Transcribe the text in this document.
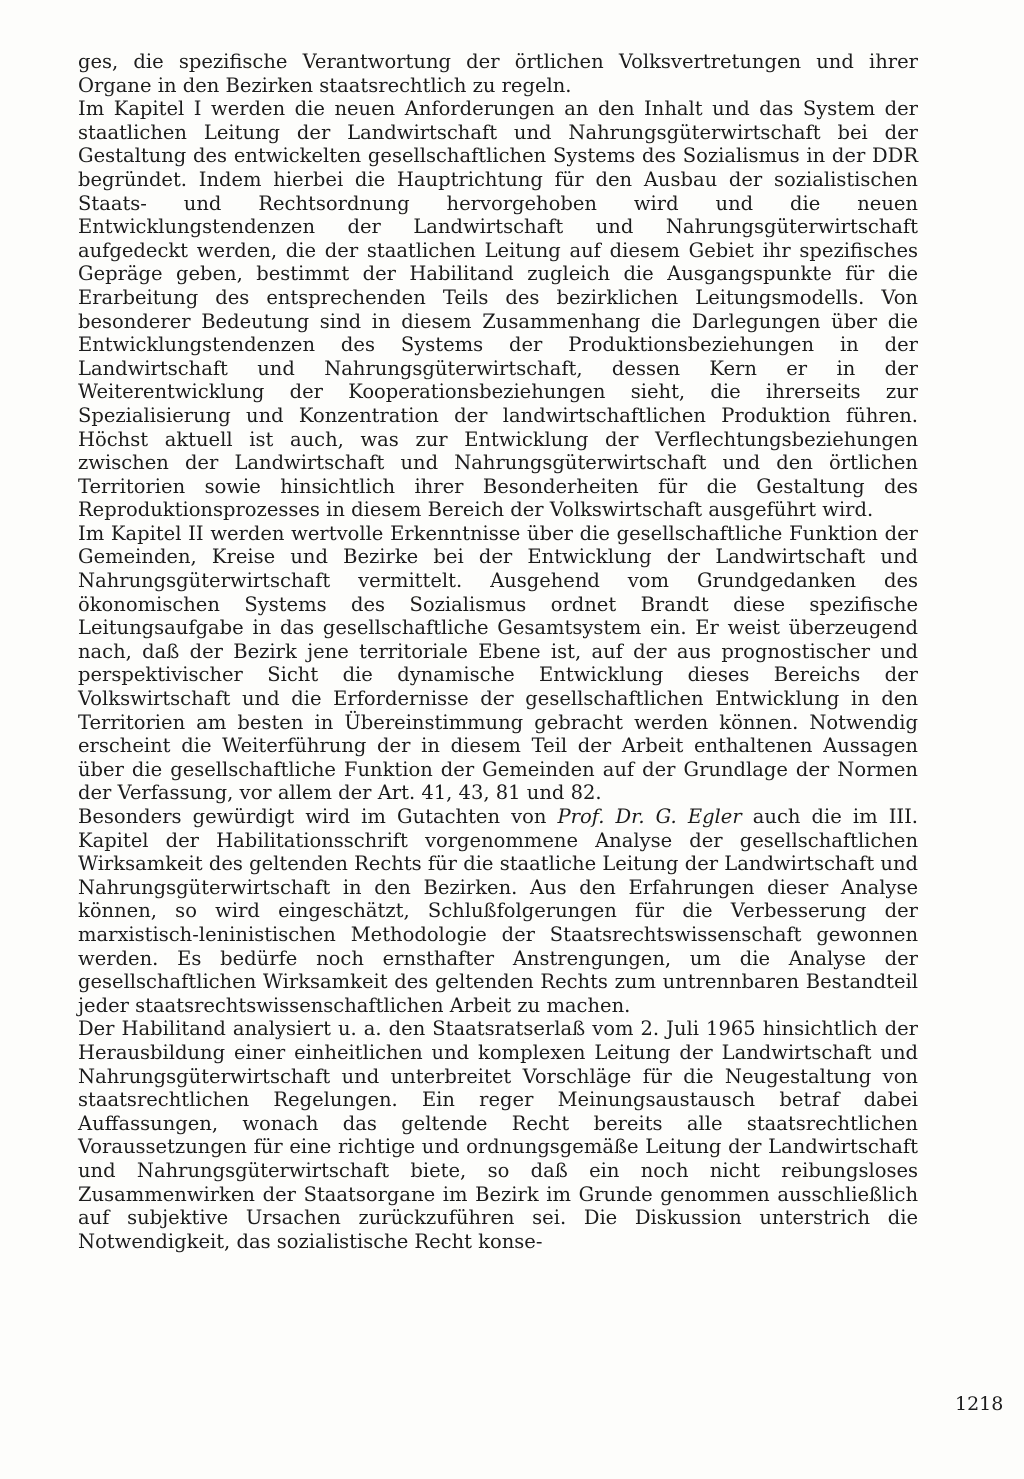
ges, die spezifische Verantwortung der örtlichen Volksvertretungen und ihrer Organe in den Bezirken staatsrechtlich zu regeln.

Im Kapitel I werden die neuen Anforderungen an den Inhalt und das System der staatlichen Leitung der Landwirtschaft und Nahrungsgüterwirtschaft bei der Gestaltung des entwickelten gesellschaftlichen Systems des Sozialismus in der DDR begründet. Indem hierbei die Hauptrichtung für den Ausbau der sozialistischen Staats- und Rechtsordnung hervorgehoben wird und die neuen Entwicklungstendenzen der Landwirtschaft und Nahrungsgüterwirtschaft aufgedeckt werden, die der staatlichen Leitung auf diesem Gebiet ihr spezifisches Gepräge geben, bestimmt der Habilitand zugleich die Ausgangspunkte für die Erarbeitung des entsprechenden Teils des bezirklichen Leitungsmodells. Von besonderer Bedeutung sind in diesem Zusammenhang die Darlegungen über die Entwicklungstendenzen des Systems der Produktionsbeziehungen in der Landwirtschaft und Nahrungsgüterwirtschaft, dessen Kern er in der Weiterentwicklung der Kooperationsbeziehungen sieht, die ihrerseits zur Spezialisierung und Konzentration der landwirtschaftlichen Produktion führen. Höchst aktuell ist auch, was zur Entwicklung der Verflechtungsbeziehungen zwischen der Landwirtschaft und Nahrungsgüterwirtschaft und den örtlichen Territorien sowie hinsichtlich ihrer Besonderheiten für die Gestaltung des Reproduktionsprozesses in diesem Bereich der Volkswirtschaft ausgeführt wird.

Im Kapitel II werden wertvolle Erkenntnisse über die gesellschaftliche Funktion der Gemeinden, Kreise und Bezirke bei der Entwicklung der Landwirtschaft und Nahrungsgüterwirtschaft vermittelt. Ausgehend vom Grundgedanken des ökonomischen Systems des Sozialismus ordnet Brandt diese spezifische Leitungsaufgabe in das gesellschaftliche Gesamtsystem ein. Er weist überzeugend nach, daß der Bezirk jene territoriale Ebene ist, auf der aus prognostischer und perspektivischer Sicht die dynamische Entwicklung dieses Bereichs der Volkswirtschaft und die Erfordernisse der gesellschaftlichen Entwicklung in den Territorien am besten in Übereinstimmung gebracht werden können. Notwendig erscheint die Weiterführung der in diesem Teil der Arbeit enthaltenen Aussagen über die gesellschaftliche Funktion der Gemeinden auf der Grundlage der Normen der Verfassung, vor allem der Art. 41, 43, 81 und 82.

Besonders gewürdigt wird im Gutachten von Prof. Dr. G. Egler auch die im III. Kapitel der Habilitationsschrift vorgenommene Analyse der gesellschaftlichen Wirksamkeit des geltenden Rechts für die staatliche Leitung der Landwirtschaft und Nahrungsgüterwirtschaft in den Bezirken. Aus den Erfahrungen dieser Analyse können, so wird eingeschätzt, Schlußfolgerungen für die Verbesserung der marxistisch-leninistischen Methodologie der Staatsrechtswissenschaft gewonnen werden. Es bedürfe noch ernsthafter Anstrengungen, um die Analyse der gesellschaftlichen Wirksamkeit des geltenden Rechts zum untrennbaren Bestandteil jeder staatsrechtswissenschaftlichen Arbeit zu machen.

Der Habilitand analysiert u. a. den Staatsratserlaß vom 2. Juli 1965 hinsichtlich der Herausbildung einer einheitlichen und komplexen Leitung der Landwirtschaft und Nahrungsgüterwirtschaft und unterbreitet Vorschläge für die Neugestaltung von staatsrechtlichen Regelungen. Ein reger Meinungsaustausch betraf dabei Auffassungen, wonach das geltende Recht bereits alle staatsrechtlichen Voraussetzungen für eine richtige und ordnungsgemäße Leitung der Landwirtschaft und Nahrungsgüterwirtschaft biete, so daß ein noch nicht reibungsloses Zusammenwirken der Staatsorgane im Bezirk im Grunde genommen ausschließlich auf subjektive Ursachen zurückzuführen sei. Die Diskussion unterstrich die Notwendigkeit, das sozialistische Recht konse-

1218
